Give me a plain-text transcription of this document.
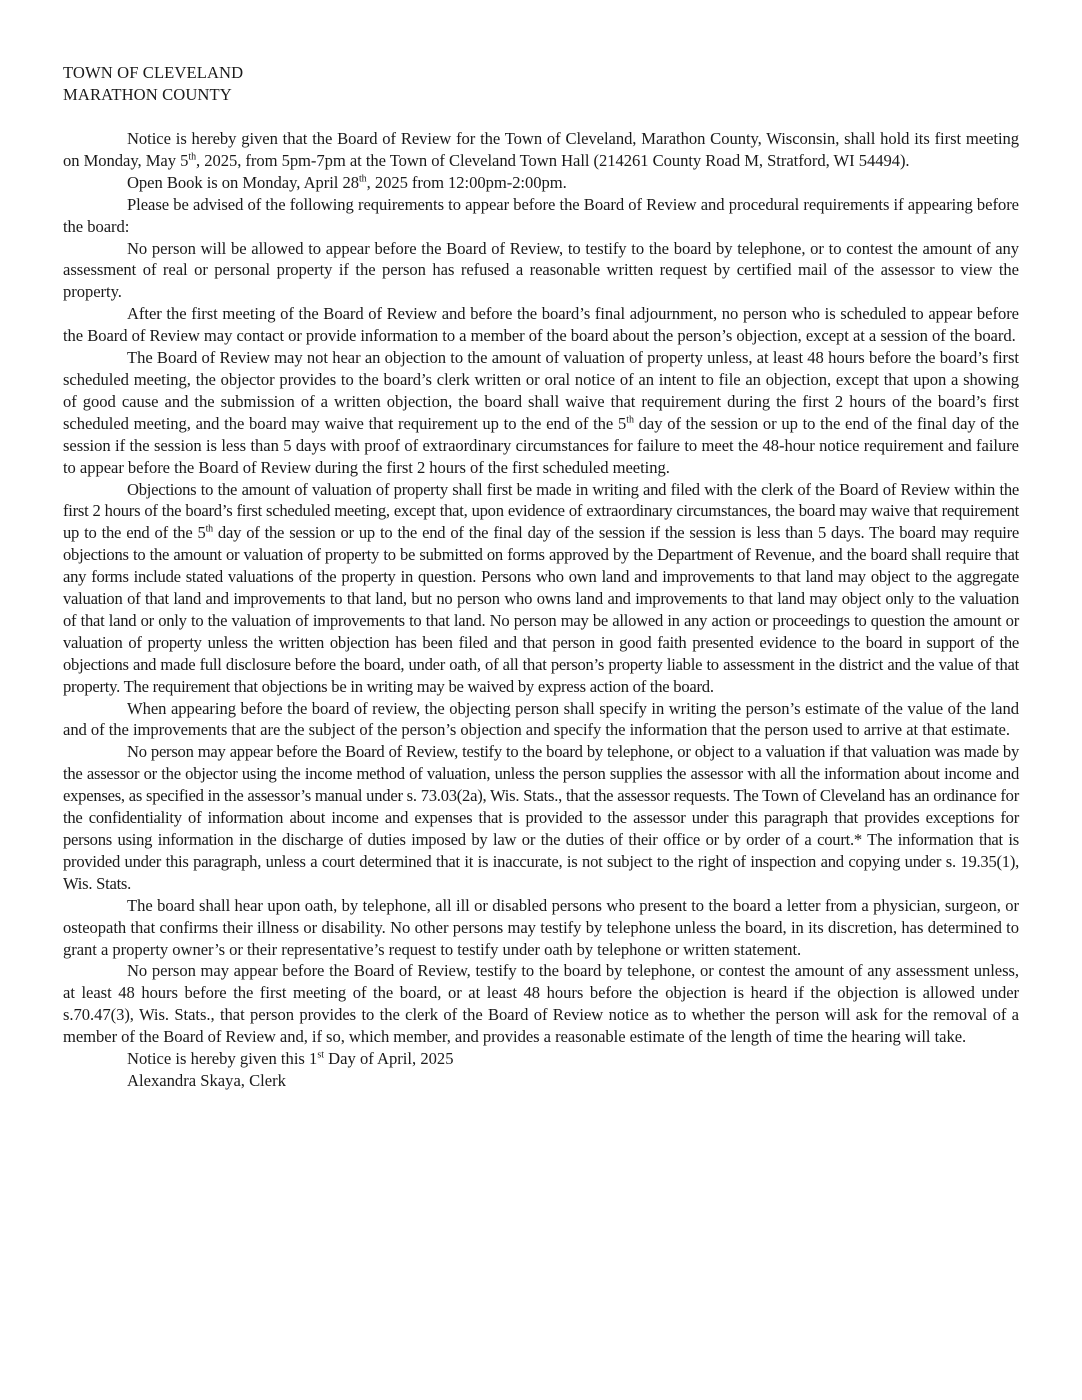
TOWN OF CLEVELAND

MARATHON COUNTY

Notice is hereby given that the Board of Review for the Town of Cleveland, Marathon County, Wisconsin, shall hold its first meeting on Monday, May 5th, 2025, from 5pm-7pm at the Town of Cleveland Town Hall (214261 County Road M, Stratford, WI 54494).

Open Book is on Monday, April 28th, 2025 from 12:00pm-2:00pm.

Please be advised of the following requirements to appear before the Board of Review and procedural requirements if appearing before the board:

No person will be allowed to appear before the Board of Review, to testify to the board by telephone, or to contest the amount of any assessment of real or personal property if the person has refused a reasonable written request by certified mail of the assessor to view the property.

After the first meeting of the Board of Review and before the board’s final adjournment, no person who is scheduled to appear before the Board of Review may contact or provide information to a member of the board about the person’s objection, except at a session of the board.

The Board of Review may not hear an objection to the amount of valuation of property unless, at least 48 hours before the board’s first scheduled meeting, the objector provides to the board’s clerk written or oral notice of an intent to file an objection, except that upon a showing of good cause and the submission of a written objection, the board shall waive that requirement during the first 2 hours of the board’s first scheduled meeting, and the board may waive that requirement up to the end of the 5th day of the session or up to the end of the final day of the session if the session is less than 5 days with proof of extraordinary circumstances for failure to meet the 48-hour notice requirement and failure to appear before the Board of Review during the first 2 hours of the first scheduled meeting.

Objections to the amount of valuation of property shall first be made in writing and filed with the clerk of the Board of Review within the first 2 hours of the board’s first scheduled meeting, except that, upon evidence of extraordinary circumstances, the board may waive that requirement up to the end of the 5th day of the session or up to the end of the final day of the session if the session is less than 5 days. The board may require objections to the amount or valuation of property to be submitted on forms approved by the Department of Revenue, and the board shall require that any forms include stated valuations of the property in question. Persons who own land and improvements to that land may object to the aggregate valuation of that land and improvements to that land, but no person who owns land and improvements to that land may object only to the valuation of that land or only to the valuation of improvements to that land. No person may be allowed in any action or proceedings to question the amount or valuation of property unless the written objection has been filed and that person in good faith presented evidence to the board in support of the objections and made full disclosure before the board, under oath, of all that person’s property liable to assessment in the district and the value of that property. The requirement that objections be in writing may be waived by express action of the board.

When appearing before the board of review, the objecting person shall specify in writing the person’s estimate of the value of the land and of the improvements that are the subject of the person’s objection and specify the information that the person used to arrive at that estimate.

No person may appear before the Board of Review, testify to the board by telephone, or object to a valuation if that valuation was made by the assessor or the objector using the income method of valuation, unless the person supplies the assessor with all the information about income and expenses, as specified in the assessor’s manual under s. 73.03(2a), Wis. Stats., that the assessor requests. The Town of Cleveland has an ordinance for the confidentiality of information about income and expenses that is provided to the assessor under this paragraph that provides exceptions for persons using information in the discharge of duties imposed by law or the duties of their office or by order of a court.* The information that is provided under this paragraph, unless a court determined that it is inaccurate, is not subject to the right of inspection and copying under s. 19.35(1), Wis. Stats.

The board shall hear upon oath, by telephone, all ill or disabled persons who present to the board a letter from a physician, surgeon, or osteopath that confirms their illness or disability. No other persons may testify by telephone unless the board, in its discretion, has determined to grant a property owner’s or their representative’s request to testify under oath by telephone or written statement.

No person may appear before the Board of Review, testify to the board by telephone, or contest the amount of any assessment unless, at least 48 hours before the first meeting of the board, or at least 48 hours before the objection is heard if the objection is allowed under s.70.47(3), Wis. Stats., that person provides to the clerk of the Board of Review notice as to whether the person will ask for the removal of a member of the Board of Review and, if so, which member, and provides a reasonable estimate of the length of time the hearing will take.

Notice is hereby given this 1st Day of April, 2025

Alexandra Skaya, Clerk
